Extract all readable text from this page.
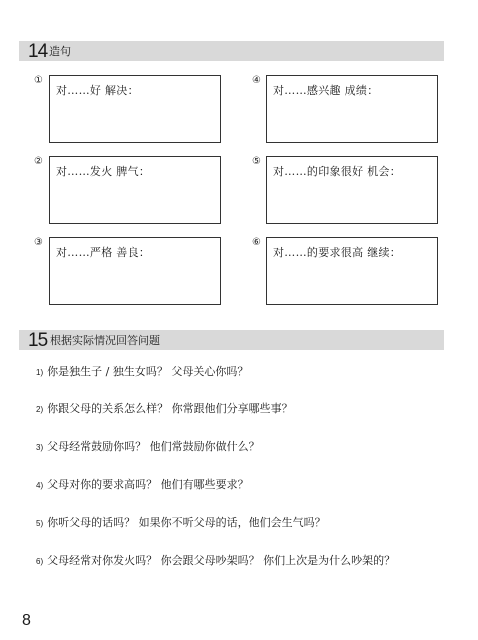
14 造句
①
对……好 解决：
②
对……发火 脾气：
③
对……严格 善良：
④
对……感兴趣 成绩：
⑤
对……的印象很好 机会：
⑥
对……的要求很高 继续：
15 根据实际情况回答问题
1) 你是独生子 / 独生女吗？ 父母关心你吗？
2) 你跟父母的关系怎么样？ 你常跟他们分享哪些事？
3) 父母经常鼓励你吗？ 他们常鼓励你做什么？
4) 父母对你的要求高吗？ 他们有哪些要求？
5) 你听父母的话吗？ 如果你不听父母的话，他们会生气吗？
6) 父母经常对你发火吗？ 你会跟父母吵架吗？ 你们上次是为什么吵架的？
8
